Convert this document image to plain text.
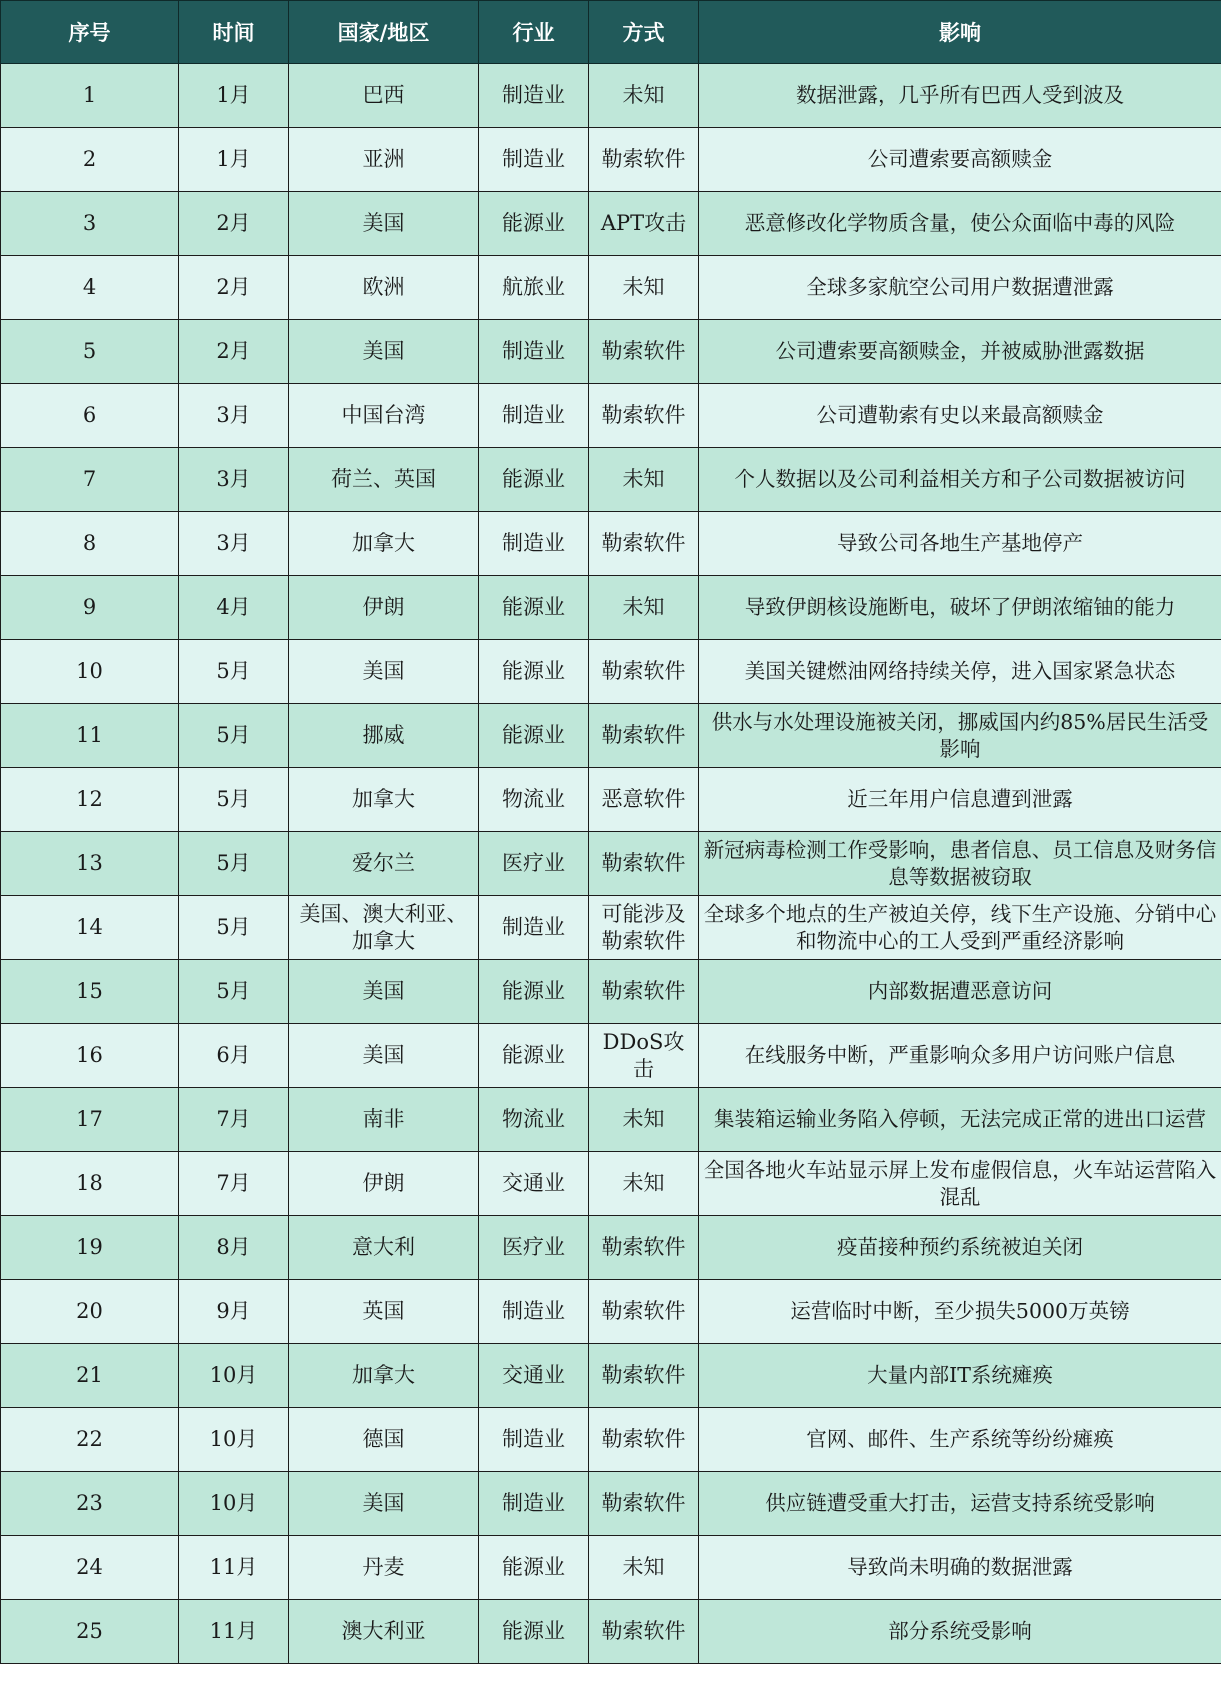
序号	时间	国家/地区	行业	方式	影响
1	1月	巴西	制造业	未知	数据泄露，几乎所有巴西人受到波及
2	1月	亚洲	制造业	勒索软件	公司遭索要高额赎金
3	2月	美国	能源业	APT攻击	恶意修改化学物质含量，使公众面临中毒的风险
4	2月	欧洲	航旅业	未知	全球多家航空公司用户数据遭泄露
5	2月	美国	制造业	勒索软件	公司遭索要高额赎金，并被威胁泄露数据
6	3月	中国台湾	制造业	勒索软件	公司遭勒索有史以来最高额赎金
7	3月	荷兰、英国	能源业	未知	个人数据以及公司利益相关方和子公司数据被访问
8	3月	加拿大	制造业	勒索软件	导致公司各地生产基地停产
9	4月	伊朗	能源业	未知	导致伊朗核设施断电，破坏了伊朗浓缩铀的能力
10	5月	美国	能源业	勒索软件	美国关键燃油网络持续关停，进入国家紧急状态
11	5月	挪威	能源业	勒索软件	供水与水处理设施被关闭，挪威国内约85%居民生活受影响
12	5月	加拿大	物流业	恶意软件	近三年用户信息遭到泄露
13	5月	爱尔兰	医疗业	勒索软件	新冠病毒检测工作受影响，患者信息、员工信息及财务信息等数据被窃取
14	5月	美国、澳大利亚、加拿大	制造业	可能涉及勒索软件	全球多个地点的生产被迫关停，线下生产设施、分销中心和物流中心的工人受到严重经济影响
15	5月	美国	能源业	勒索软件	内部数据遭恶意访问
16	6月	美国	能源业	DDoS攻击	在线服务中断，严重影响众多用户访问账户信息
17	7月	南非	物流业	未知	集装箱运输业务陷入停顿，无法完成正常的进出口运营
18	7月	伊朗	交通业	未知	全国各地火车站显示屏上发布虚假信息，火车站运营陷入混乱
19	8月	意大利	医疗业	勒索软件	疫苗接种预约系统被迫关闭
20	9月	英国	制造业	勒索软件	运营临时中断，至少损失5000万英镑
21	10月	加拿大	交通业	勒索软件	大量内部IT系统瘫痪
22	10月	德国	制造业	勒索软件	官网、邮件、生产系统等纷纷瘫痪
23	10月	美国	制造业	勒索软件	供应链遭受重大打击，运营支持系统受影响
24	11月	丹麦	能源业	未知	导致尚未明确的数据泄露
25	11月	澳大利亚	能源业	勒索软件	部分系统受影响
